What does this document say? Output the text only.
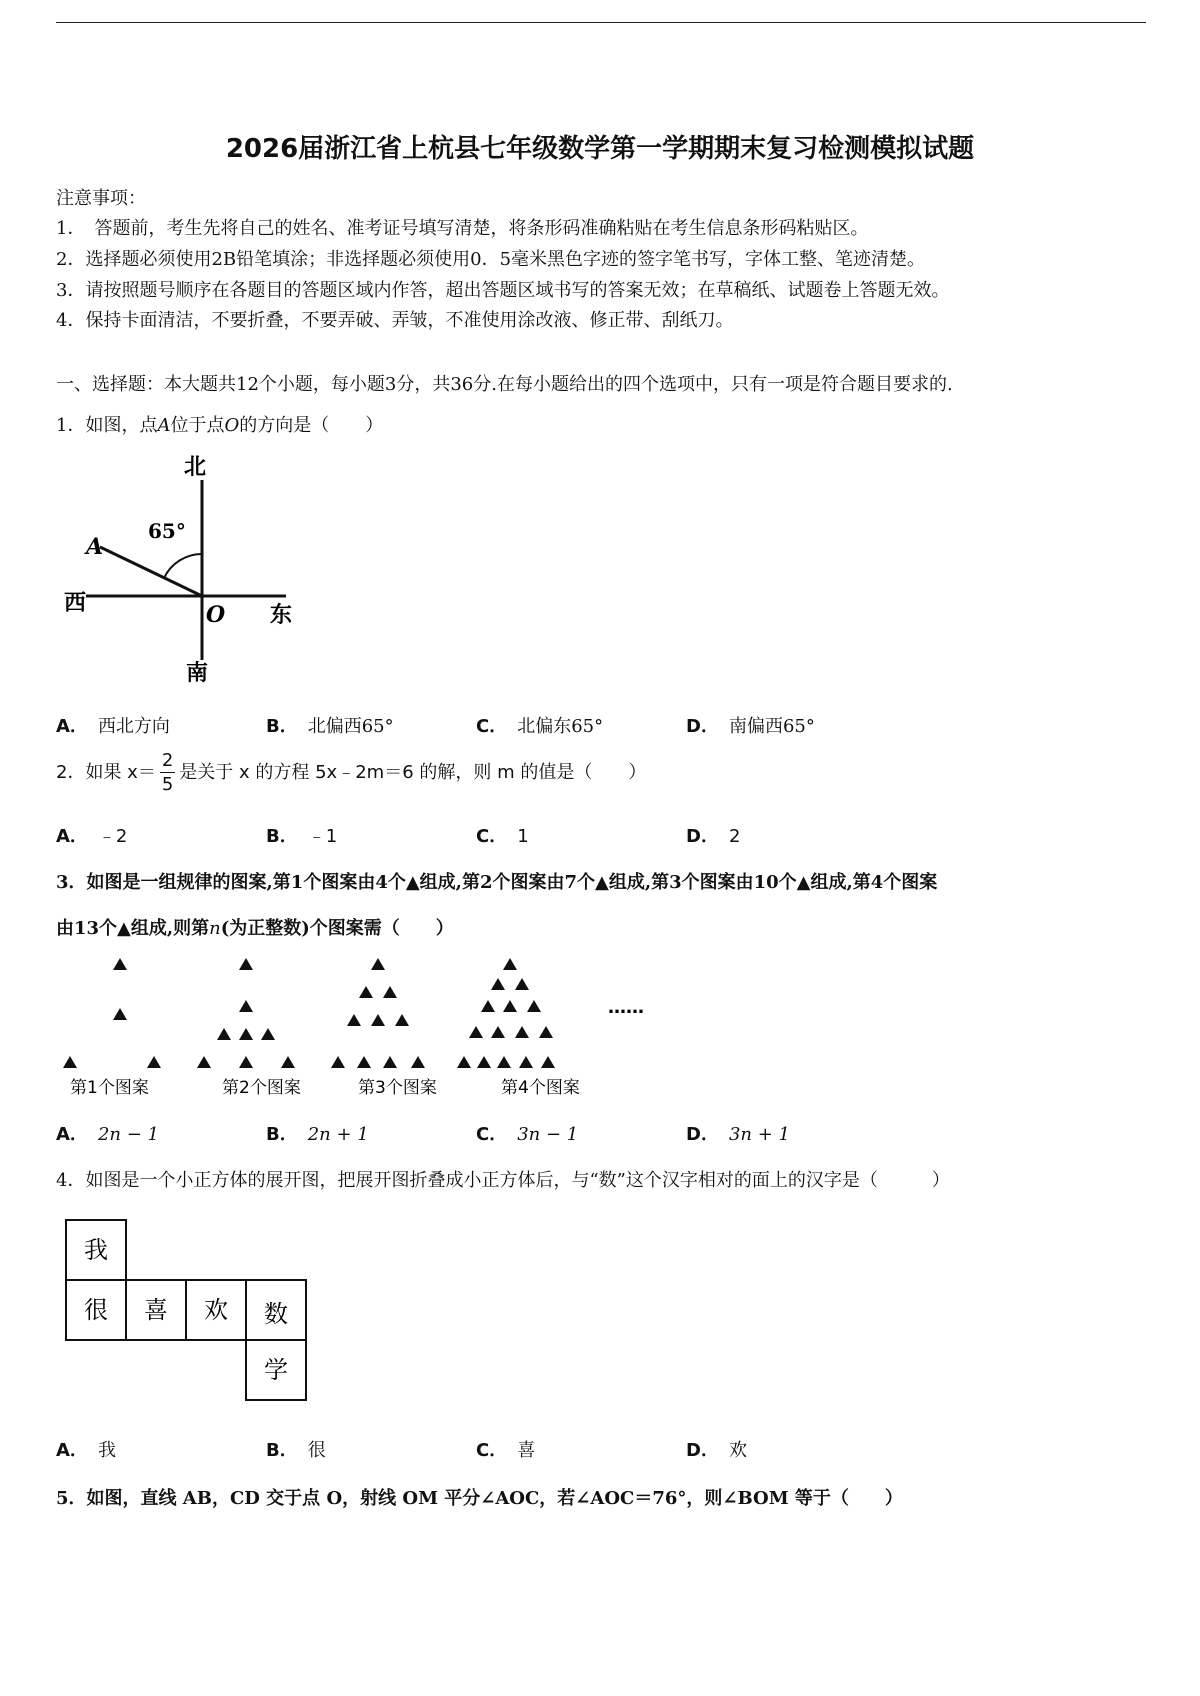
2026届浙江省上杭县七年级数学第一学期期末复习检测模拟试题
注意事项：
1．　答题前，考生先将自己的姓名、准考证号填写清楚，将条形码准确粘贴在考生信息条形码粘贴区。
2．选择题必须使用2B铅笔填涂；非选择题必须使用0．5毫米黑色字迹的签字笔书写，字体工整、笔迹清楚。
3．请按照题号顺序在各题目的答题区域内作答，超出答题区域书写的答案无效；在草稿纸、试题卷上答题无效。
4．保持卡面清洁，不要折叠，不要弄破、弄皱，不准使用涂改液、修正带、刮纸刀。
一、选择题：本大题共12个小题，每小题3分，共36分.在每小题给出的四个选项中，只有一项是符合题目要求的.
1．如图，点A位于点O的方向是（　　）
北
南
西	东
65°
A
O
A． 西北方向	B． 北偏西65°	C． 北偏东65°	D． 南偏西65°
2．如果 $x= \frac{2}{5}$ 是关于 x 的方程 5x﹣2m＝6 的解，则 m 的值是（　　）
A． ﹣2	B． ﹣1	C． 1	D． 2
3．如图是一组规律的图案,第1个图案由4个▲组成,第2个图案由7个▲组成,第3个图案由10个▲组成,第4个图案
由13个▲组成,则第n(为正整数)个图案需（　　）
第1个图案	第2个图案	第3个图案	第4个图案
……
A． 2n − 1	B． 2n + 1	C． 3n − 1	D． 3n + 1
4．如图是一个小正方体的展开图，把展开图折叠成小正方体后，与“数”这个汉字相对的面上的汉字是（　　　）
我
很 喜 欢 数
学
A． 我	B． 很	C． 喜	D． 欢
5．如图，直线 AB，CD 交于点 O，射线 OM 平分∠AOC，若∠AOC＝76°，则∠BOM 等于（　　）
